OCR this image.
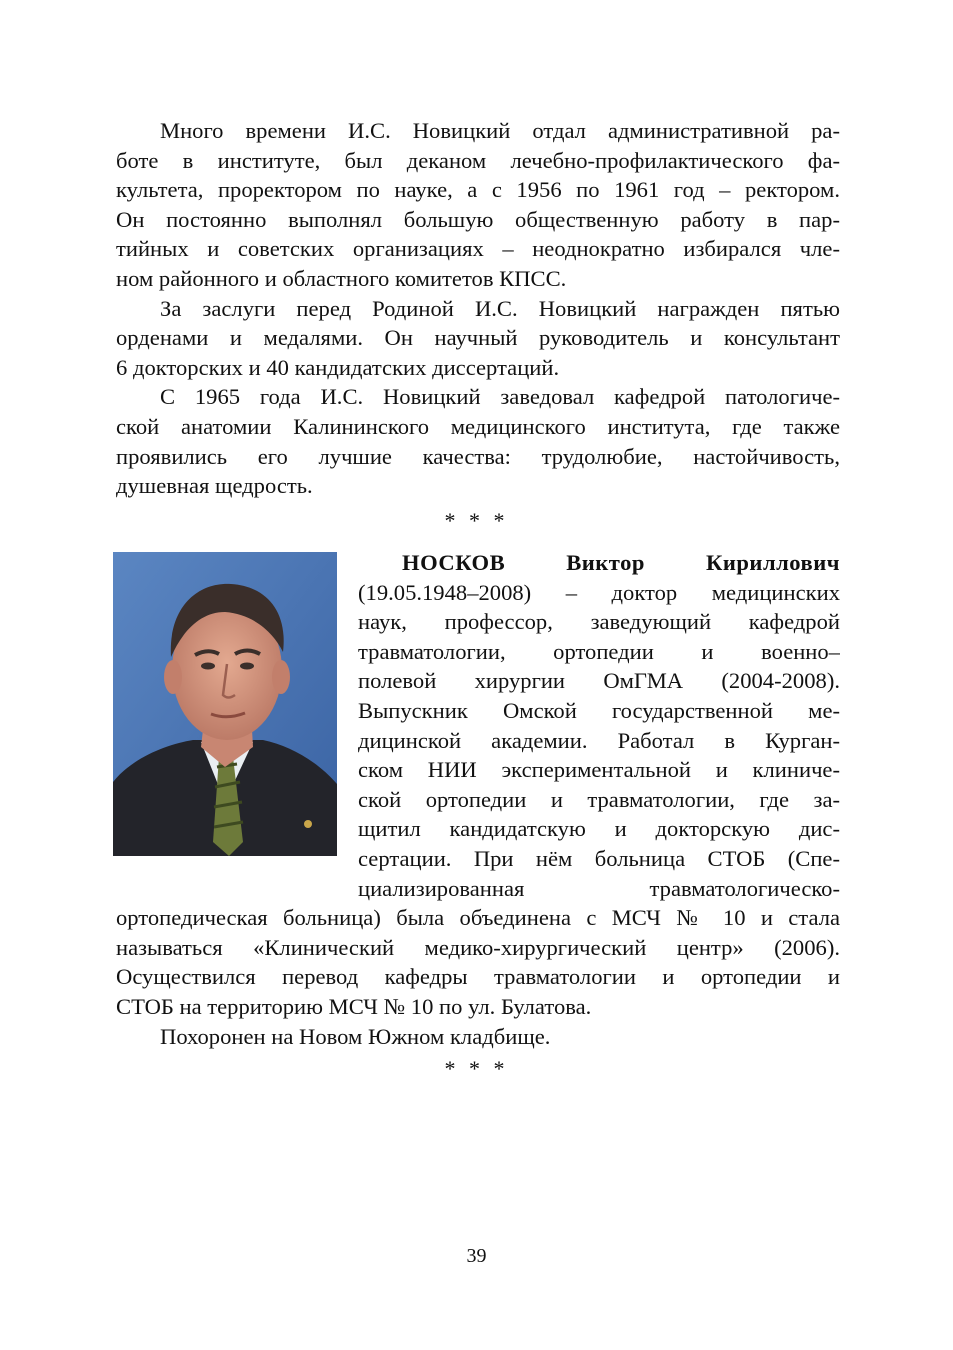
Много времени И.С. Новицкий отдал административной ра-
боте в институте, был деканом лечебно-профилактического фа-
культета, проректором по науке, а с 1956 по 1961 год – ректором.
Он постоянно выполнял большую общественную работу в пар-
тийных и советских организациях – неоднократно избирался чле-
ном районного и областного комитетов КПСС.
За заслуги перед Родиной И.С. Новицкий награжден пятью
орденами и медалями. Он научный руководитель и консультант
6 докторских и 40 кандидатских диссертаций.
С 1965 года И.С. Новицкий заведовал кафедрой патологиче-
ской анатомии Калининского медицинского института, где также
проявились его лучшие качества: трудолюбие, настойчивость,
душевная щедрость.
* * *
НОСКОВ Виктор Кириллович
(19.05.1948–2008) – доктор медицинских
наук, профессор, заведующий кафедрой
травматологии, ортопедии и военно–
полевой хирургии ОмГМА (2004-2008).
Выпускник Омской государственной ме-
дицинской академии. Работал в Курган-
ском НИИ экспериментальной и клиниче-
ской ортопедии и травматологии, где за-
щитил кандидатскую и докторскую дис-
сертации. При нём больница СТОБ (Спе-
циализированная травматологическо-
ортопедическая больница) была объединена с МСЧ № 10 и стала
называться «Клинический медико-хирургический центр» (2006).
Осуществился перевод кафедры травматологии и ортопедии и
СТОБ на территорию МСЧ № 10 по ул. Булатова.
Похоронен на Новом Южном кладбище.
* * *
39
